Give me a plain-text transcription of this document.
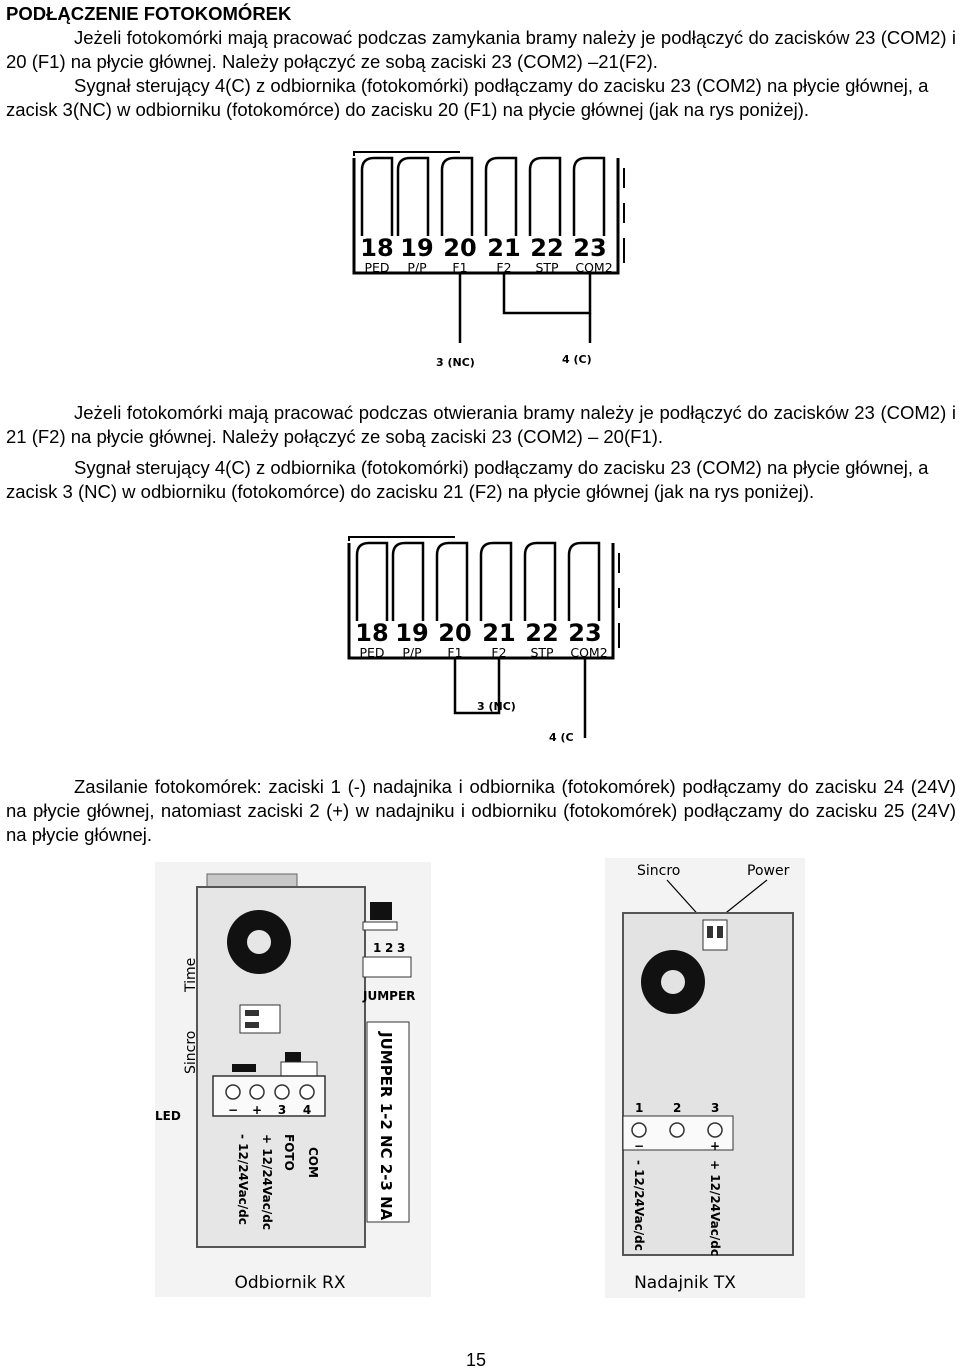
PODŁĄCZENIE FOTOKOMÓREK

Jeżeli fotokomórki mają pracować podczas zamykania bramy należy je podłączyć do zacisków 23 (COM2) i 20 (F1) na płycie głównej. Należy połączyć ze sobą zaciski 23 (COM2) –21(F2).

Sygnał sterujący 4(C) z odbiornika (fotokomórki) podłączamy do zacisku 23 (COM2) na płycie głównej, a zacisk 3(NC) w odbiorniku (fotokomórce) do zacisku 20 (F1) na płycie głównej (jak na rys poniżej).

18 19 20 21 22 23
PED P/P F1 F2 STP COM2
3 (NC)	4 (C)

Jeżeli fotokomórki mają pracować podczas otwierania bramy należy je podłączyć do zacisków 23 (COM2) i 21 (F2) na płycie głównej. Należy połączyć ze sobą zaciski 23 (COM2) – 20(F1).

Sygnał sterujący 4(C) z odbiornika (fotokomórki) podłączamy do zacisku 23 (COM2) na płycie głównej, a zacisk 3 (NC) w odbiorniku (fotokomórce) do zacisku 21 (F2) na płycie głównej (jak na rys poniżej).

18 19 20 21 22 23
PED P/P F1 F2 STP COM2
3 (NC)
4 (C

Zasilanie fotokomórek: zaciski 1 (-) nadajnika i odbiornika (fotokomórek) podłączamy do zacisku 24 (24V) na płycie głównej, natomiast zaciski 2 (+) w nadajniku i odbiorniku (fotokomórek) podłączamy do zacisku 25 (24V) na płycie głównej.

− + 3 4
LED
Time
Sincro
1 2 3
JUMPER
JUMPER 1-2 NC 2-3 NA
- 12/24Vac/dc + 12/24Vac/dc FOTO COM
Odbiornik RX
Sincro	Power
1 2 3
−	+
- 12/24Vac/dc	+ 12/24Vac/dc
Nadajnik TX
15
